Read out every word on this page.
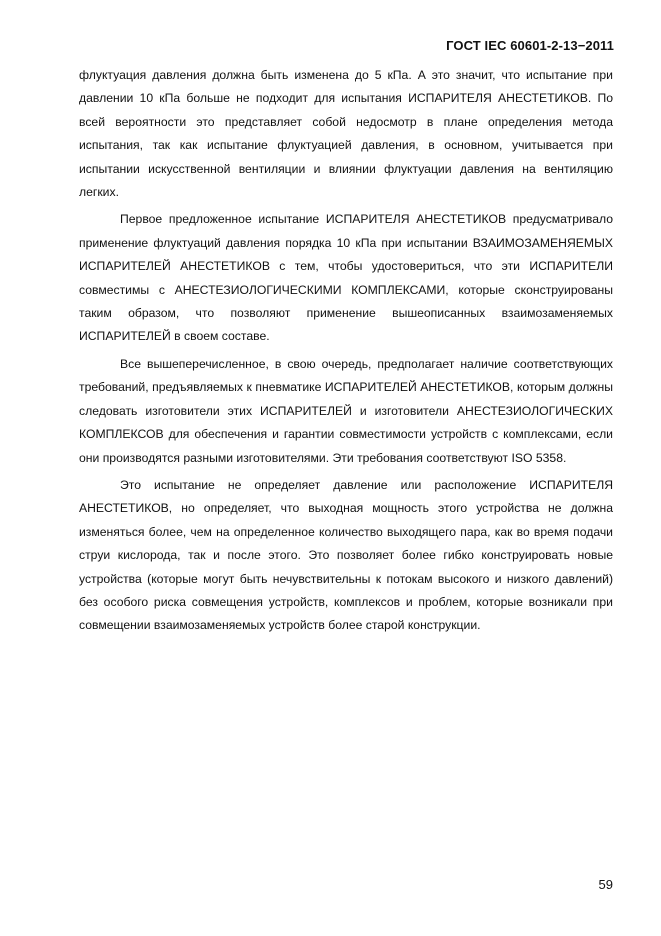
ГОСТ IEC 60601-2-13−2011

флуктуация давления должна быть изменена до 5 кПа. А это значит, что испытание при давлении 10 кПа больше не подходит для испытания ИСПАРИТЕЛЯ АНЕСТЕТИКОВ. По всей вероятности это представляет собой недосмотр в плане определения метода испытания, так как испытание флуктуацией давления, в основном, учитывается при испытании искусственной вентиляции и влиянии флуктуации давления на вентиляцию легких.

Первое предложенное испытание ИСПАРИТЕЛЯ АНЕСТЕТИКОВ предусматривало применение флуктуаций давления порядка 10 кПа при испытании ВЗАИМОЗАМЕНЯЕМЫХ ИСПАРИТЕЛЕЙ АНЕСТЕТИКОВ с тем, чтобы удостовериться, что эти ИСПАРИТЕЛИ совместимы с АНЕСТЕЗИОЛОГИЧЕСКИМИ КОМПЛЕКСАМИ, которые сконструированы таким образом, что позволяют применение вышеописанных взаимозаменяемых ИСПАРИТЕЛЕЙ в своем составе.

Все вышеперечисленное, в свою очередь, предполагает наличие соответствующих требований, предъявляемых к пневматике ИСПАРИТЕЛЕЙ АНЕСТЕТИКОВ, которым должны следовать изготовители этих ИСПАРИТЕЛЕЙ и изготовители АНЕСТЕЗИОЛОГИЧЕСКИХ КОМПЛЕКСОВ для обеспечения и гарантии совместимости устройств с комплексами, если они производятся разными изготовителями. Эти требования соответствуют ISO 5358.

Это испытание не определяет давление или расположение ИСПАРИТЕЛЯ АНЕСТЕТИКОВ, но определяет, что выходная мощность этого устройства не должна изменяться более, чем на определенное количество выходящего пара, как во время подачи струи кислорода, так и после этого. Это позволяет более гибко конструировать новые устройства (которые могут быть нечувствительны к потокам высокого и низкого давлений) без особого риска совмещения устройств, комплексов и проблем, которые возникали при совмещении взаимозаменяемых устройств более старой конструкции.

59
